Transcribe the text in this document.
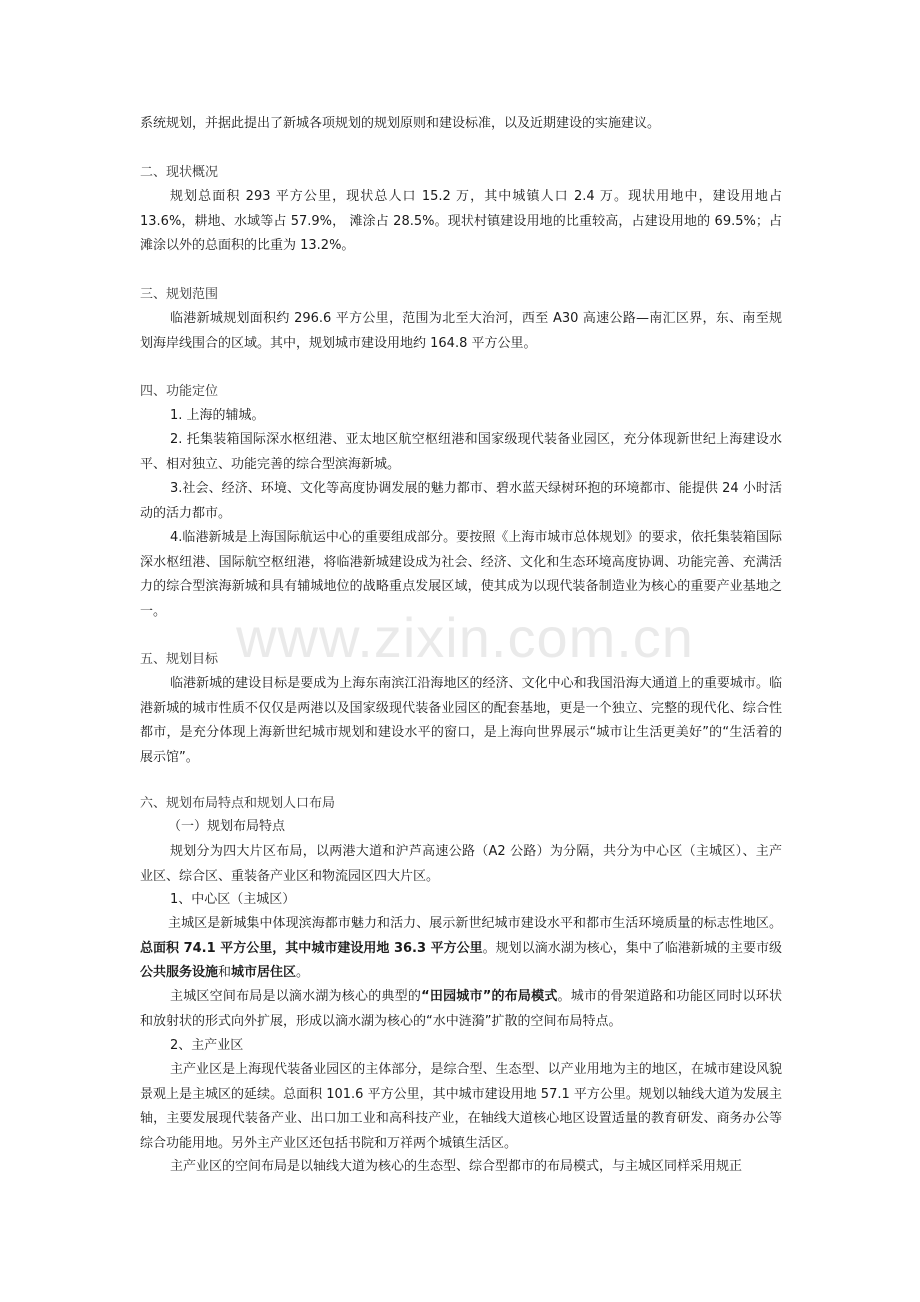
系统规划，并据此提出了新城各项规划的规划原则和建设标准，以及近期建设的实施建议。

二、现状概况

规划总面积 293 平方公里，现状总人口 15.2 万，其中城镇人口 2.4 万。现状用地中，建设用地占 13.6%，耕地、水域等占 57.9%， 滩涂占 28.5%。现状村镇建设用地的比重较高，占建设用地的 69.5%；占滩涂以外的总面积的比重为 13.2%。

三、规划范围

临港新城规划面积约 296.6 平方公里，范围为北至大治河，西至 A30 高速公路—南汇区界，东、南至规划海岸线围合的区域。其中，规划城市建设用地约 164.8 平方公里。

四、功能定位

1. 上海的辅城。

2. 托集装箱国际深水枢纽港、亚太地区航空枢纽港和国家级现代装备业园区，充分体现新世纪上海建设水平、相对独立、功能完善的综合型滨海新城。

3.社会、经济、环境、文化等高度协调发展的魅力都市、碧水蓝天绿树环抱的环境都市、能提供 24 小时活动的活力都市。

4.临港新城是上海国际航运中心的重要组成部分。要按照《上海市城市总体规划》的要求，依托集装箱国际深水枢纽港、国际航空枢纽港，将临港新城建设成为社会、经济、文化和生态环境高度协调、功能完善、充满活力的综合型滨海新城和具有辅城地位的战略重点发展区域，使其成为以现代装备制造业为核心的重要产业基地之一。

五、规划目标

临港新城的建设目标是要成为上海东南滨江沿海地区的经济、文化中心和我国沿海大通道上的重要城市。临港新城的城市性质不仅仅是两港以及国家级现代装备业园区的配套基地，更是一个独立、完整的现代化、综合性都市，是充分体现上海新世纪城市规划和建设水平的窗口，是上海向世界展示“城市让生活更美好”的“生活着的展示馆”。

六、规划布局特点和规划人口布局

（一）规划布局特点

规划分为四大片区布局，以两港大道和沪芦高速公路（A2 公路）为分隔，共分为中心区（主城区）、主产业区、综合区、重装备产业区和物流园区四大片区。

1、中心区（主城区）

主城区是新城集中体现滨海都市魅力和活力、展示新世纪城市建设水平和都市生活环境质量的标志性地区。总面积 74.1 平方公里，其中城市建设用地 36.3 平方公里。规划以滴水湖为核心，集中了临港新城的主要市级公共服务设施和城市居住区。

主城区空间布局是以滴水湖为核心的典型的“田园城市”的布局模式。城市的骨架道路和功能区同时以环状和放射状的形式向外扩展，形成以滴水湖为核心的“水中涟漪”扩散的空间布局特点。

2、主产业区

主产业区是上海现代装备业园区的主体部分，是综合型、生态型、以产业用地为主的地区，在城市建设风貌景观上是主城区的延续。总面积 101.6 平方公里，其中城市建设用地 57.1 平方公里。规划以轴线大道为发展主轴，主要发展现代装备产业、出口加工业和高科技产业，在轴线大道核心地区设置适量的教育研发、商务办公等综合功能用地。另外主产业区还包括书院和万祥两个城镇生活区。

主产业区的空间布局是以轴线大道为核心的生态型、综合型都市的布局模式，与主城区同样采用规正

www.zixin.com.cn
